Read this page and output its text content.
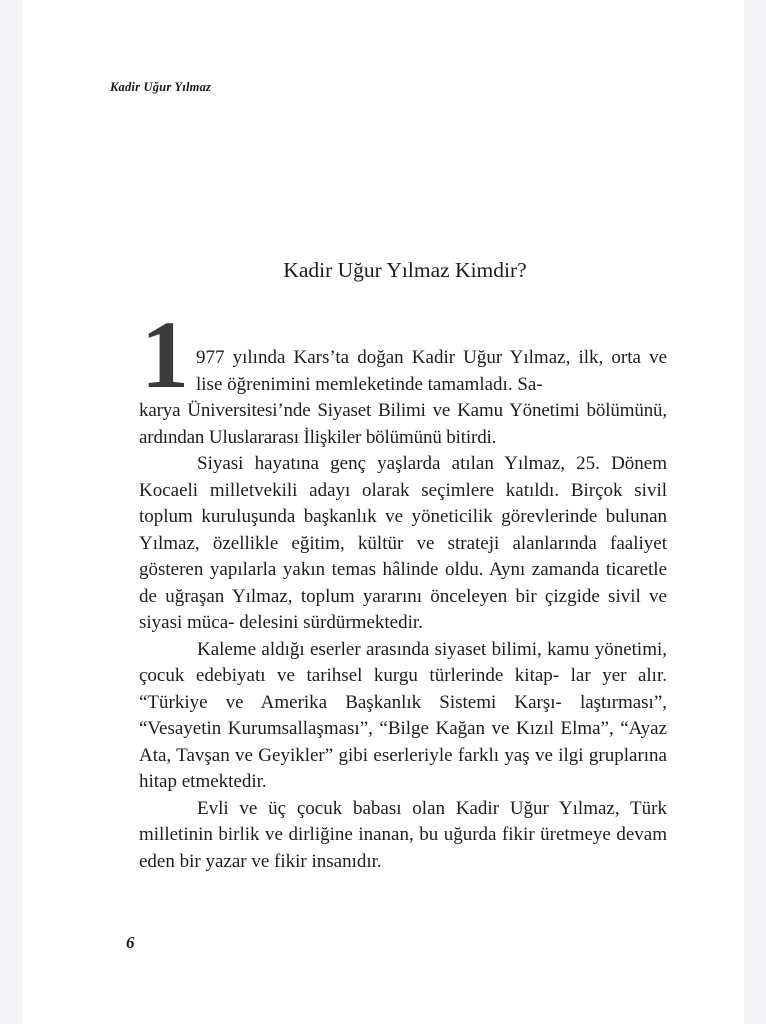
Kadir Uğur Yılmaz
Kadir Uğur Yılmaz Kimdir?
1 977 yılında Kars’ta doğan Kadir Uğur Yılmaz, ilk, orta ve lise öğrenimini memleketinde tamamladı. Sa-

karya Üniversitesi’nde Siyaset Bilimi ve Kamu Yönetimi bölümünü, ardından Uluslararası İlişkiler bölümünü bitirdi.

Siyasi hayatına genç yaşlarda atılan Yılmaz, 25. Dönem Kocaeli milletvekili adayı olarak seçimlere katıldı. Birçok sivil toplum kuruluşunda başkanlık ve yöneticilik görevlerinde bulunan Yılmaz, özellikle eğitim, kültür ve strateji alanlarında faaliyet gösteren yapılarla yakın temas hâlinde oldu. Aynı zamanda ticaretle de uğraşan Yılmaz, toplum yararını önceleyen bir çizgide sivil ve siyasi müca- delesini sürdürmektedir.

Kaleme aldığı eserler arasında siyaset bilimi, kamu yönetimi, çocuk edebiyatı ve tarihsel kurgu türlerinde kitap- lar yer alır. “Türkiye ve Amerika Başkanlık Sistemi Karşı- laştırması”, “Vesayetin Kurumsallaşması”, “Bilge Kağan ve Kızıl Elma”, “Ayaz Ata, Tavşan ve Geyikler” gibi eserleriyle farklı yaş ve ilgi gruplarına hitap etmektedir.

Evli ve üç çocuk babası olan Kadir Uğur Yılmaz, Türk milletinin birlik ve dirliğine inanan, bu uğurda fikir üretmeye devam eden bir yazar ve fikir insanıdır.

6
